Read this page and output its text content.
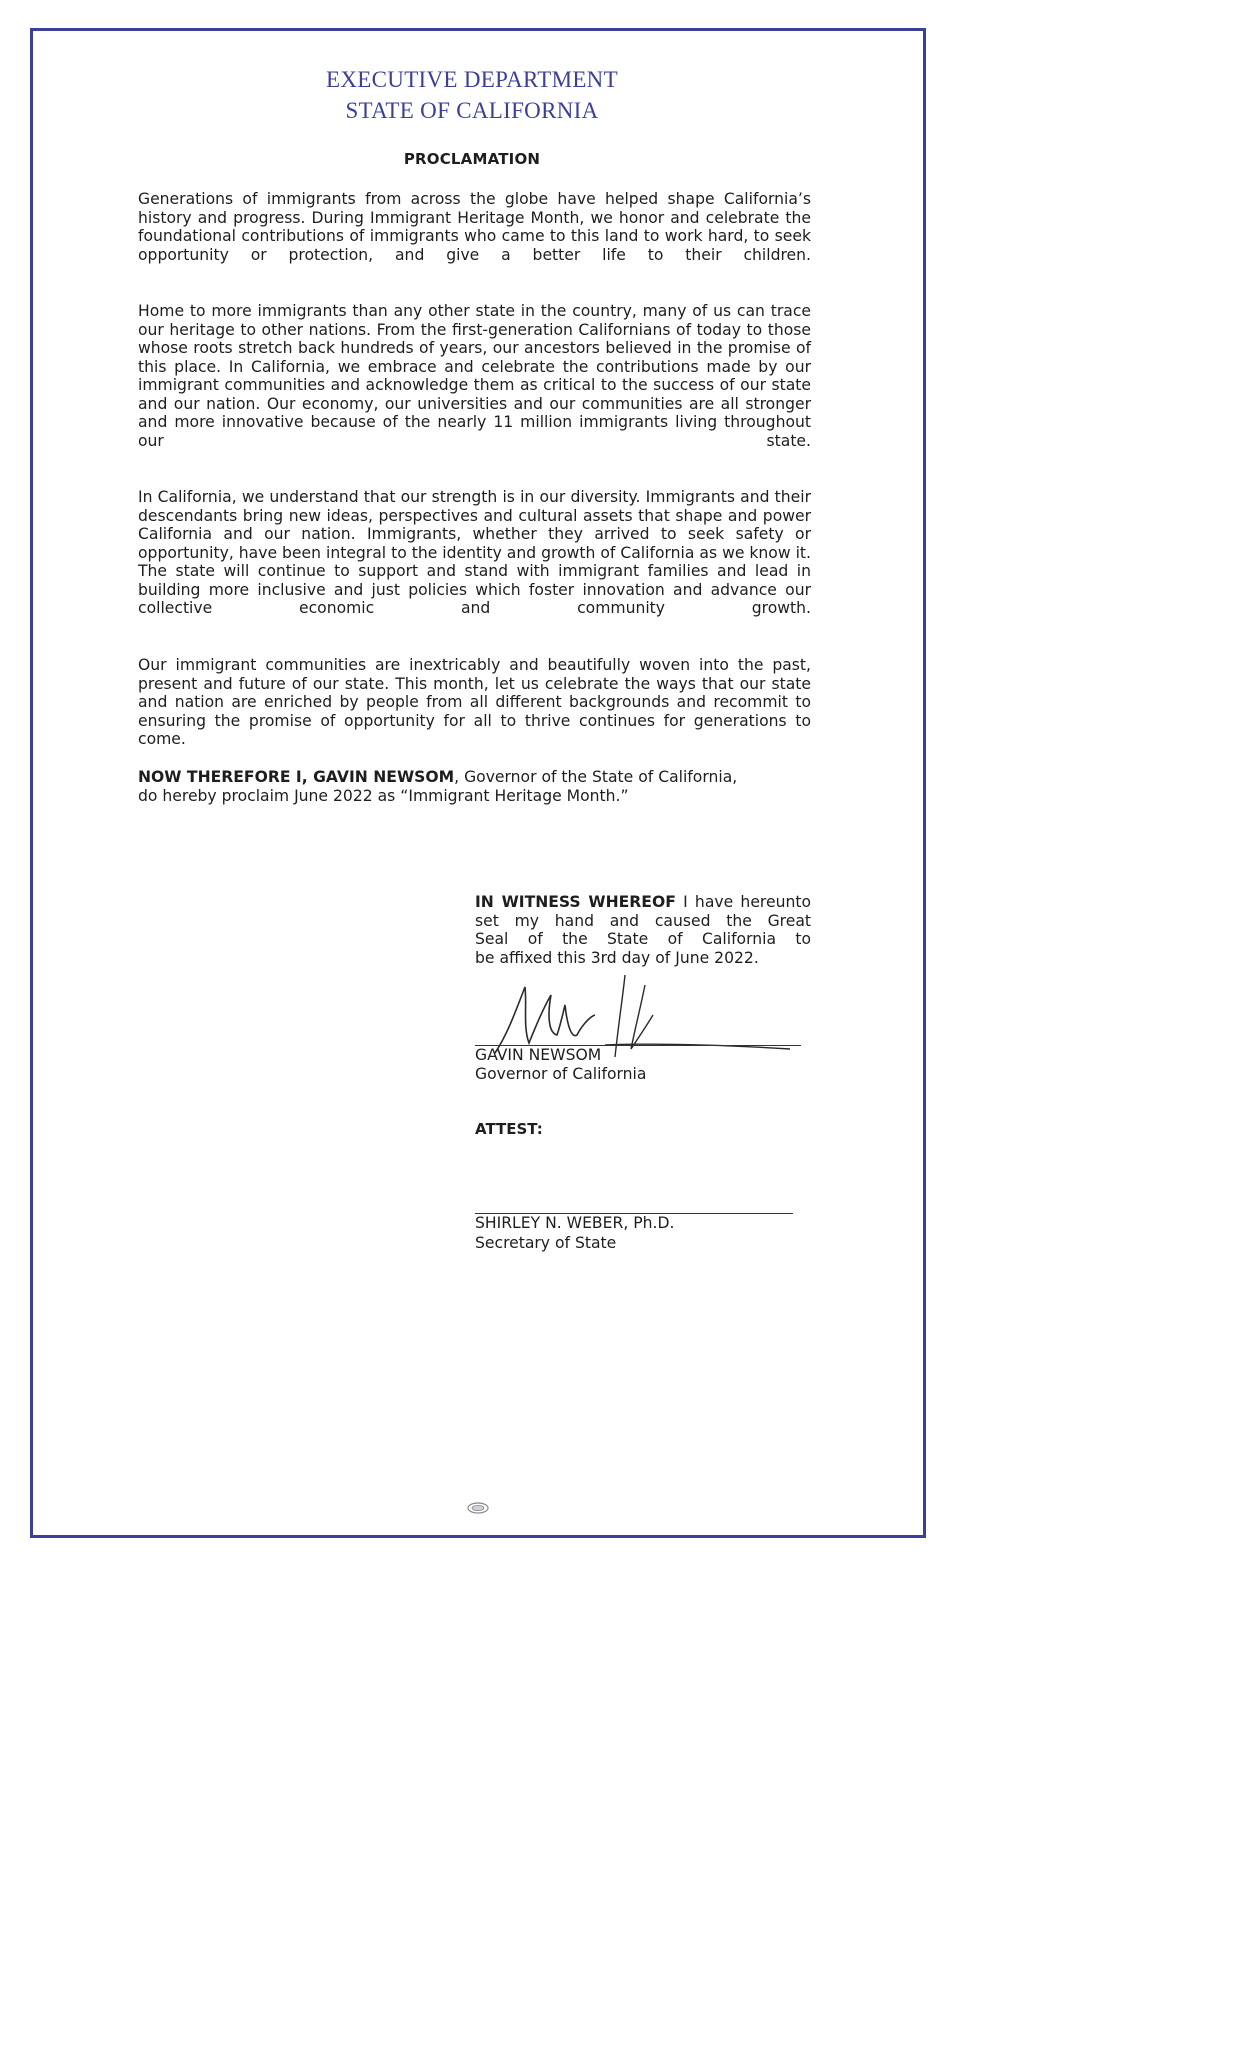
EXECUTIVE DEPARTMENT
STATE OF CALIFORNIA
PROCLAMATION

Generations of immigrants from across the globe have helped shape California’s history and progress. During Immigrant Heritage Month, we honor and celebrate the foundational contributions of immigrants who came to this land to work hard, to seek opportunity or protection, and give a better life to their children.

Home to more immigrants than any other state in the country, many of us can trace our heritage to other nations. From the first-generation Californians of today to those whose roots stretch back hundreds of years, our ancestors believed in the promise of this place. In California, we embrace and celebrate the contributions made by our immigrant communities and acknowledge them as critical to the success of our state and our nation. Our economy, our universities and our communities are all stronger and more innovative because of the nearly 11 million immigrants living throughout our state.

In California, we understand that our strength is in our diversity. Immigrants and their descendants bring new ideas, perspectives and cultural assets that shape and power California and our nation. Immigrants, whether they arrived to seek safety or opportunity, have been integral to the identity and growth of California as we know it. The state will continue to support and stand with immigrant families and lead in building more inclusive and just policies which foster innovation and advance our collective economic and community growth.

Our immigrant communities are inextricably and beautifully woven into the past, present and future of our state. This month, let us celebrate the ways that our state and nation are enriched by people from all different backgrounds and recommit to ensuring the promise of opportunity for all to thrive continues for generations to come.

NOW THEREFORE I, GAVIN NEWSOM, Governor of the State of California,
do hereby proclaim June 2022 as “Immigrant Heritage Month.”
IN WITNESS WHEREOF I have hereunto
set my hand and caused the Great
Seal of the State of California to
be affixed this 3rd day of June 2022.
GAVIN NEWSOM
Governor of California
ATTEST:
SHIRLEY N. WEBER, Ph.D.
Secretary of State
